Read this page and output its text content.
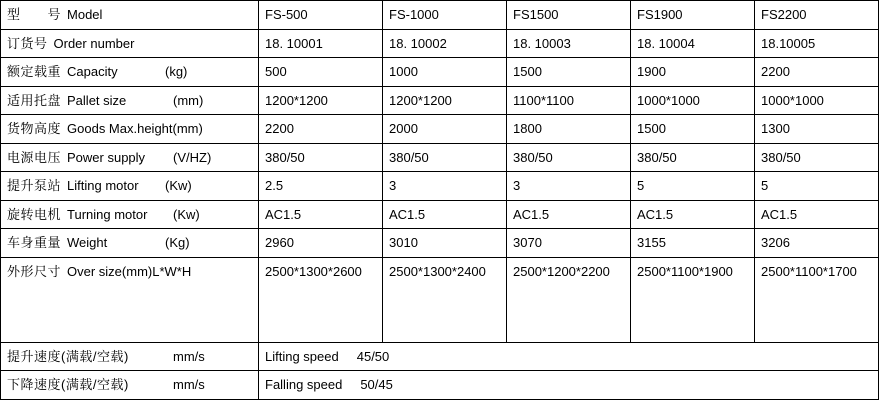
型　　号 Model	FS-500	FS-1000	FS1500	FS1900	FS2200

订货号 Order number	18. 10001	18. 10002	18. 10003	18. 10004	18.10005

额定载重 Capacity (kg)	500	1000	1500	1900	2200

适用托盘 Pallet size (mm)	1200*1200	1200*1200	1100*1100	1000*1000	1000*1000

货物高度 Goods Max.height(mm)	2200	2000	1800	1500	1300

电源电压 Power supply (V/HZ)	380/50	380/50	380/50	380/50	380/50

提升泵站 Lifting motor (Kw)	2.5	3	3	5	5

旋转电机 Turning motor (Kw)	AC1.5	AC1.5	AC1.5	AC1.5	AC1.5

车身重量 Weight (Kg)	2960	3010	3070	3155	3206

外形尺寸 Over size(mm)L*W*H	2500*1300*2600	2500*1300*2400	2500*1200*2200	2500*1100*1900	2500*1100*1700

提升速度(满载/空载) mm/s	Lifting speed 45/50				

下降速度(满载/空载) mm/s	Falling speed 50/45				
